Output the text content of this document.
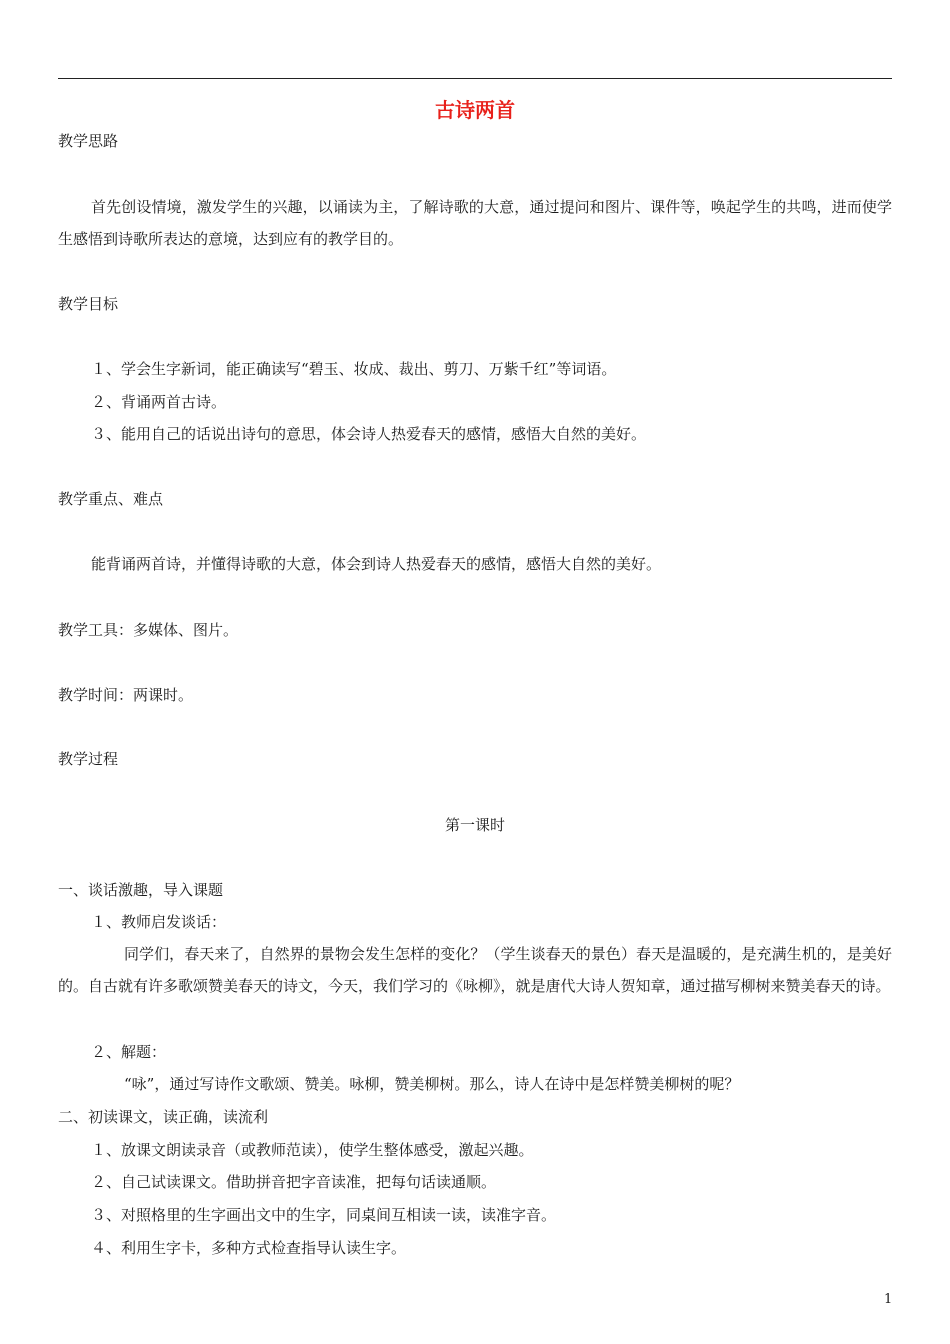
古诗两首
教学思路
首先创设情境，激发学生的兴趣，以诵读为主，了解诗歌的大意，通过提问和图片、课件等，唤起学生的共鸣，进而使学生感悟到诗歌所表达的意境，达到应有的教学目的。
教学目标
１、学会生字新词，能正确读写“碧玉、妆成、裁出、剪刀、万紫千红”等词语。
２、背诵两首古诗。
３、能用自己的话说出诗句的意思，体会诗人热爱春天的感情，感悟大自然的美好。
教学重点、难点
能背诵两首诗，并懂得诗歌的大意，体会到诗人热爱春天的感情，感悟大自然的美好。
教学工具：多媒体、图片。
教学时间：两课时。
教学过程
第一课时
一、谈话激趣，导入课题
１、教师启发谈话：
同学们，春天来了，自然界的景物会发生怎样的变化？（学生谈春天的景色）春天是温暖的，是充满生机的，是美好的。自古就有许多歌颂赞美春天的诗文，今天，我们学习的《咏柳》，就是唐代大诗人贺知章，通过描写柳树来赞美春天的诗。
２、解题：
“咏”，通过写诗作文歌颂、赞美。咏柳，赞美柳树。那么，诗人在诗中是怎样赞美柳树的呢？
二、初读课文，读正确，读流利
１、放课文朗读录音（或教师范读），使学生整体感受，激起兴趣。
２、自己试读课文。借助拼音把字音读准，把每句话读通顺。
３、对照格里的生字画出文中的生字，同桌间互相读一读，读准字音。
４、利用生字卡，多种方式检查指导认读生字。
1
